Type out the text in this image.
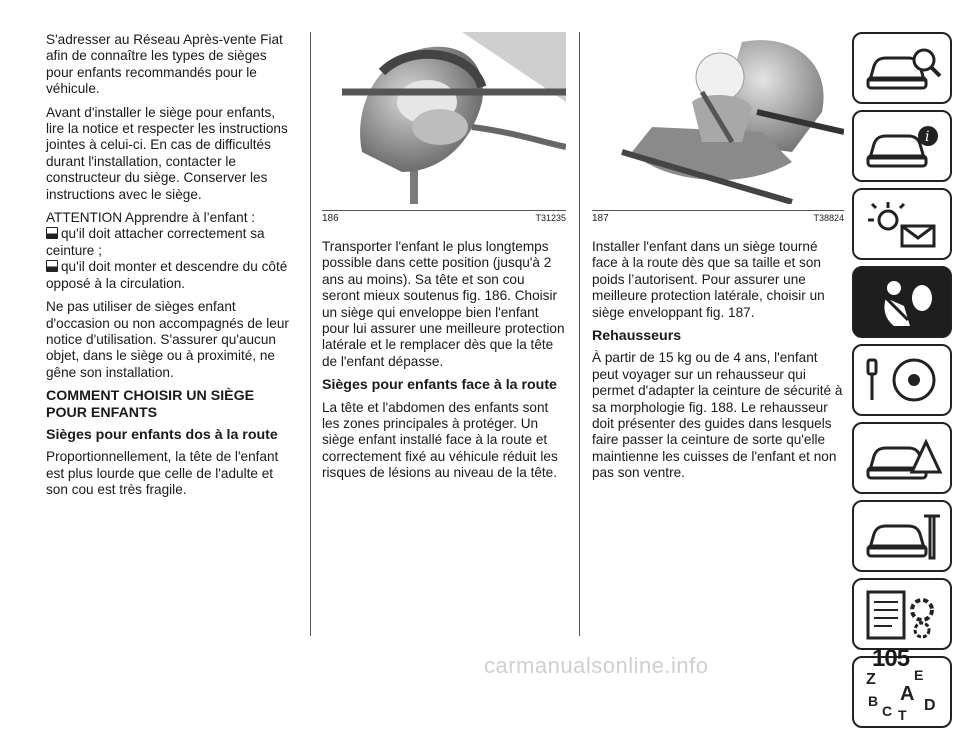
S'adresser au Réseau Après-vente Fiat afin de connaître les types de sièges pour enfants recommandés pour le véhicule.

Avant d'installer le siège pour enfants, lire la notice et respecter les instructions jointes à celui-ci. En cas de difficultés durant l'installation, contacter le constructeur du siège. Conserver les instructions avec le siège.

ATTENTION Apprendre à l’enfant :

qu'il doit attacher correctement sa ceinture ;

qu'il doit monter et descendre du côté opposé à la circulation.

Ne pas utiliser de sièges enfant d'occasion ou non accompagnés de leur notice d'utilisation. S'assurer qu'aucun objet, dans le siège ou à proximité, ne gêne son installation.

COMMENT CHOISIR UN SIÈGE POUR ENFANTS
Sièges pour enfants dos à la route

Proportionnellement, la tête de l'enfant est plus lourde que celle de l'adulte et son cou est très fragile.

186	T31235

Transporter l'enfant le plus longtemps possible dans cette position (jusqu'à 2 ans au moins). Sa tête et son cou seront mieux soutenus fig. 186. Choisir un siège qui enveloppe bien l'enfant pour lui assurer une meilleure protection latérale et le remplacer dès que la tête de l'enfant dépasse.

Sièges pour enfants face à la route

La tête et l'abdomen des enfants sont les zones principales à protéger. Un siège enfant installé face à la route et correctement fixé au véhicule réduit les risques de lésions au niveau de la tête.

187	T38824

Installer l'enfant dans un siège tourné face à la route dès que sa taille et son poids l’autorisent. Pour assurer une meilleure protection latérale, choisir un siège enveloppant fig. 187.

Rehausseurs

À partir de 15 kg ou de 4 ans, l'enfant peut voyager sur un rehausseur qui permet d'adapter la ceinture de sécurité à sa morphologie fig. 188. Le rehausseur doit présenter des guides dans lesquels faire passer la ceinture de sorte qu'elle maintienne les cuisses de l'enfant et non pas son ventre.

i
Z	E
B A
C D
T
carmanualsonline.info	105
